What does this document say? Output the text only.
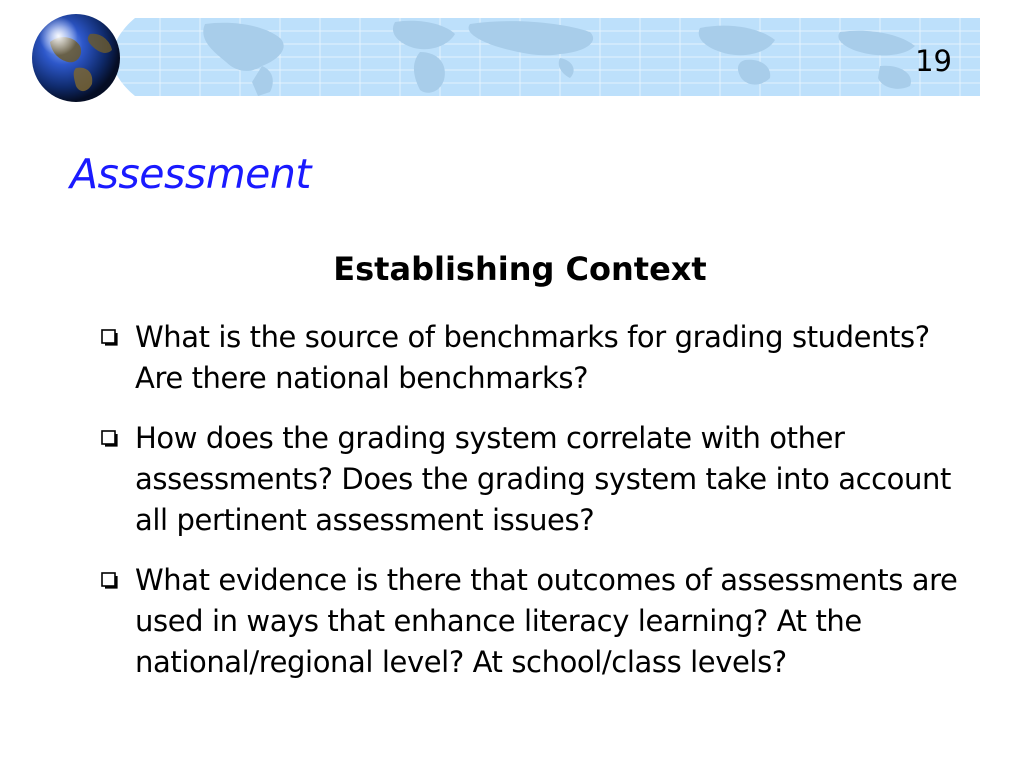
19
Assessment
Establishing Context
What is the source of benchmarks for grading students? Are there national benchmarks?
How does the grading system correlate with other assessments? Does the grading system take into account all pertinent assessment issues?
What evidence is there that outcomes of assessments are used in ways that enhance literacy learning? At the national/regional level? At school/class levels?
